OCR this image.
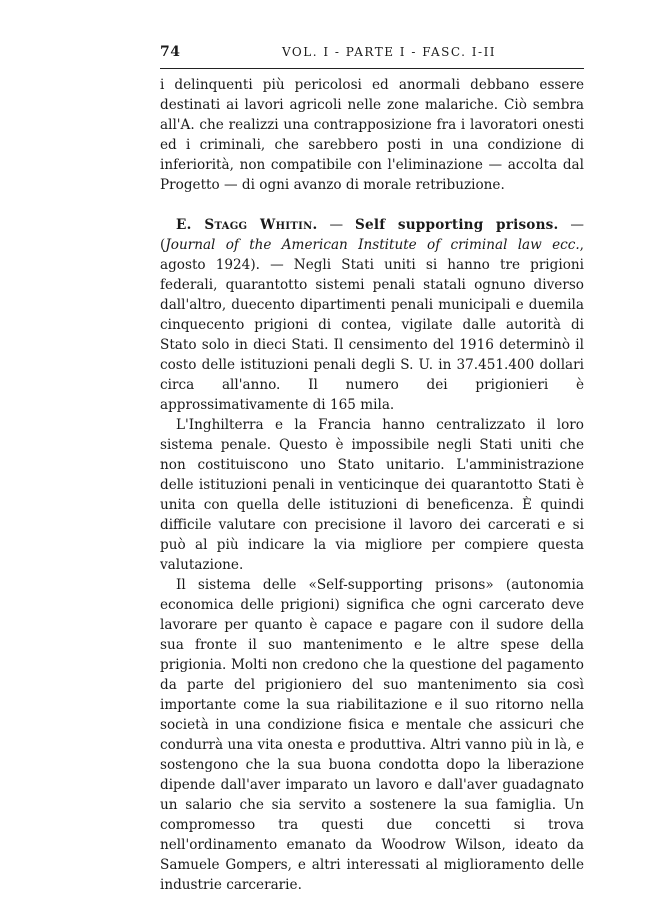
74	VOL. I - PARTE I - FASC. I-II

i delinquenti più pericolosi ed anormali debbano essere destinati ai lavori agricoli nelle zone malariche. Ciò sembra all'A. che realizzi una contrapposizione fra i lavoratori onesti ed i criminali, che sarebbero posti in una condizione di inferiorità, non compatibile con l'eliminazione — accolta dal Progetto — di ogni avanzo di morale retribuzione.

E. Stagg Whitin. — Self supporting prisons. — (Journal of the American Institute of criminal law ecc., agosto 1924). — Negli Stati uniti si hanno tre prigioni federali, quarantotto sistemi penali statali ognuno diverso dall'altro, duecento dipartimenti penali municipali e duemila cinquecento prigioni di contea, vigilate dalle autorità di Stato solo in dieci Stati. Il censimento del 1916 determinò il costo delle istituzioni penali degli S. U. in 37.451.400 dollari circa all'anno. Il numero dei prigionieri è approssimativamente di 165 mila.

L'Inghilterra e la Francia hanno centralizzato il loro sistema penale. Questo è impossibile negli Stati uniti che non costituiscono uno Stato unitario. L'amministrazione delle istituzioni penali in venticinque dei quarantotto Stati è unita con quella delle istituzioni di beneficenza. È quindi difficile valutare con precisione il lavoro dei carcerati e si può al più indicare la via migliore per compiere questa valutazione.

Il sistema delle «Self-supporting prisons» (autonomia economica delle prigioni) significa che ogni carcerato deve lavorare per quanto è capace e pagare con il sudore della sua fronte il suo mantenimento e le altre spese della prigionia. Molti non credono che la questione del pagamento da parte del prigioniero del suo mantenimento sia così importante come la sua riabilitazione e il suo ritorno nella società in una condizione fisica e mentale che assicuri che condurrà una vita onesta e produttiva. Altri vanno più in là, e sostengono che la sua buona condotta dopo la liberazione dipende dall'aver imparato un lavoro e dall'aver guadagnato un salario che sia servito a sostenere la sua famiglia. Un compromesso tra questi due concetti si trova nell'ordinamento emanato da Woodrow Wilson, ideato da Samuele Gompers, e altri interessati al miglioramento delle industrie carcerarie.
